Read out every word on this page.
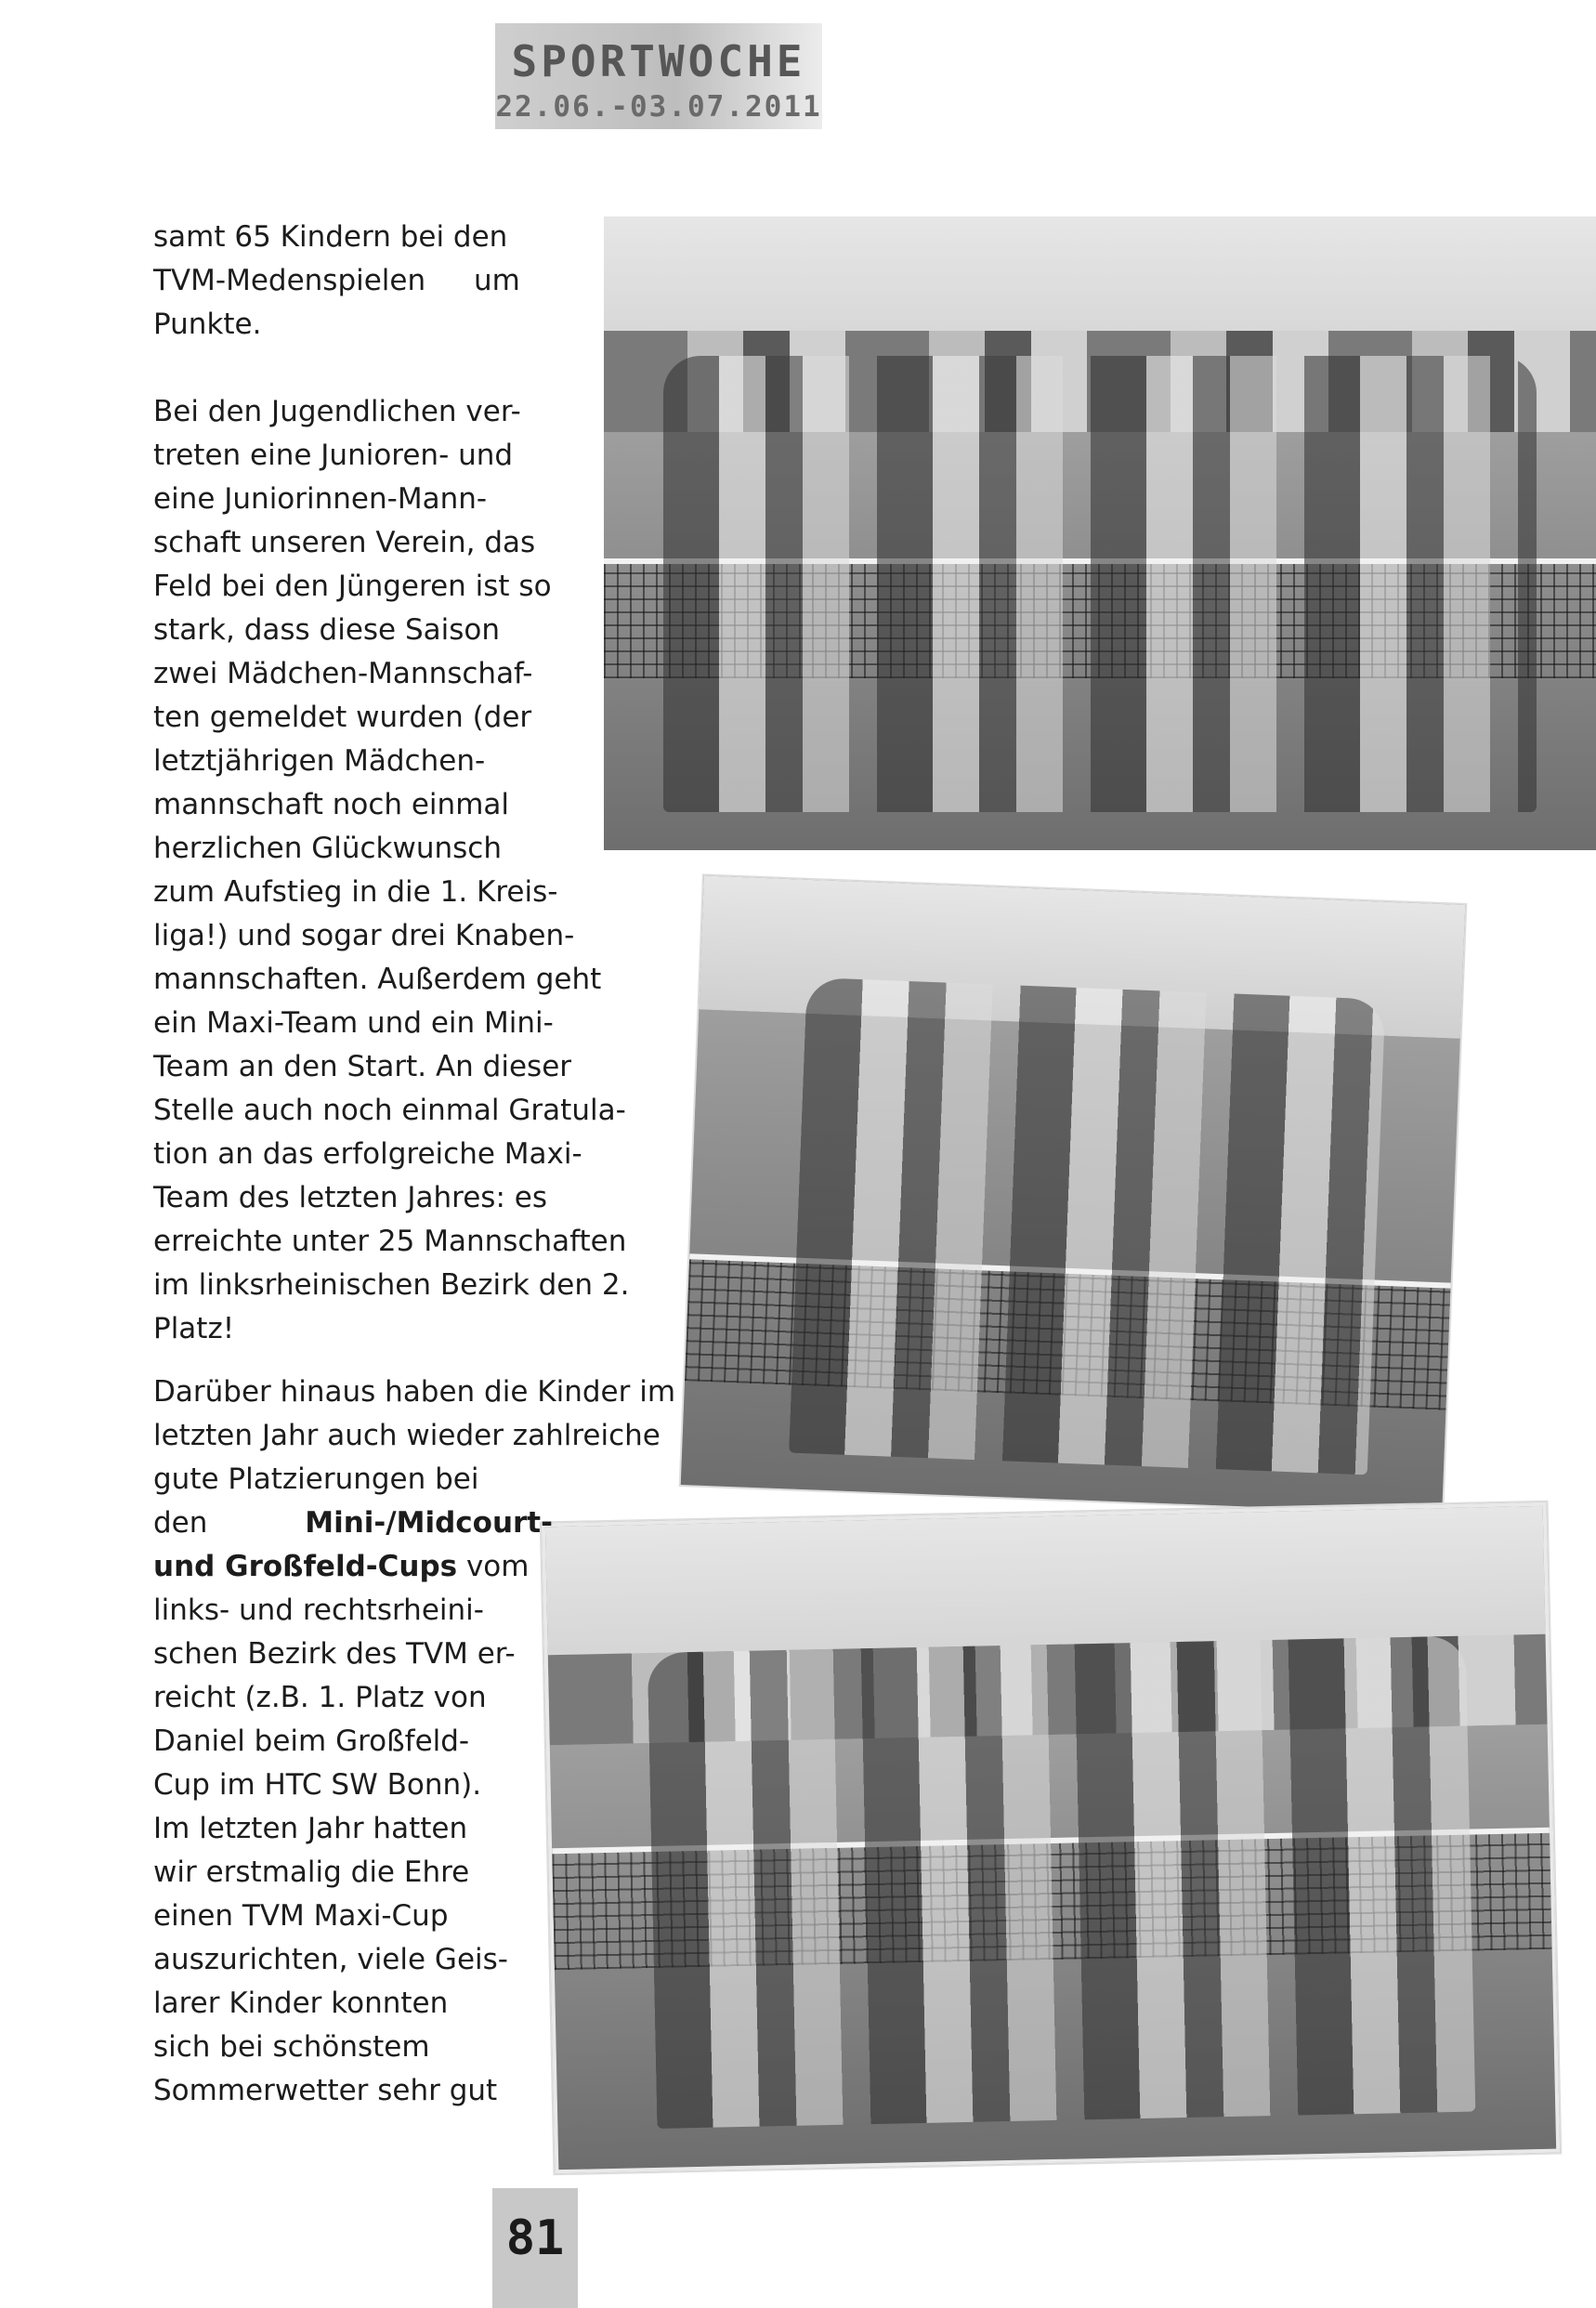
SPORTWOCHE
22.06.-03.07.2011

samt 65 Kindern bei den

TVM-Medenspielen um

Punkte.

Bei den Jugendlichen ver-

treten eine Junioren- und

eine Juniorinnen-Mann-

schaft unseren Verein, das

Feld bei den Jüngeren ist so

stark, dass diese Saison

zwei Mädchen-Mannschaf-

ten gemeldet wurden (der

letztjährigen Mädchen-

mannschaft noch einmal

herzlichen Glückwunsch

zum Aufstieg in die 1. Kreis-

liga!) und sogar drei Knaben-

mannschaften. Außerdem geht

ein Maxi-Team und ein Mini-

Team an den Start. An dieser

Stelle auch noch einmal Gratula-

tion an das erfolgreiche Maxi-

Team des letzten Jahres: es

erreichte unter 25 Mannschaften

im linksrheinischen Bezirk den 2.

Platz!

Darüber hinaus haben die Kinder im

letzten Jahr auch wieder zahlreiche

gute Platzierungen bei

den	Mini-/Midcourt-

und Großfeld-Cups vom

links- und rechtsrheini-

schen Bezirk des TVM er-

reicht (z.B. 1. Platz von

Daniel beim Großfeld-

Cup im HTC SW Bonn).

Im letzten Jahr hatten

wir erstmalig die Ehre

einen TVM Maxi-Cup

auszurichten, viele Geis-

larer Kinder konnten

sich bei schönstem

Sommerwetter sehr gut

81
